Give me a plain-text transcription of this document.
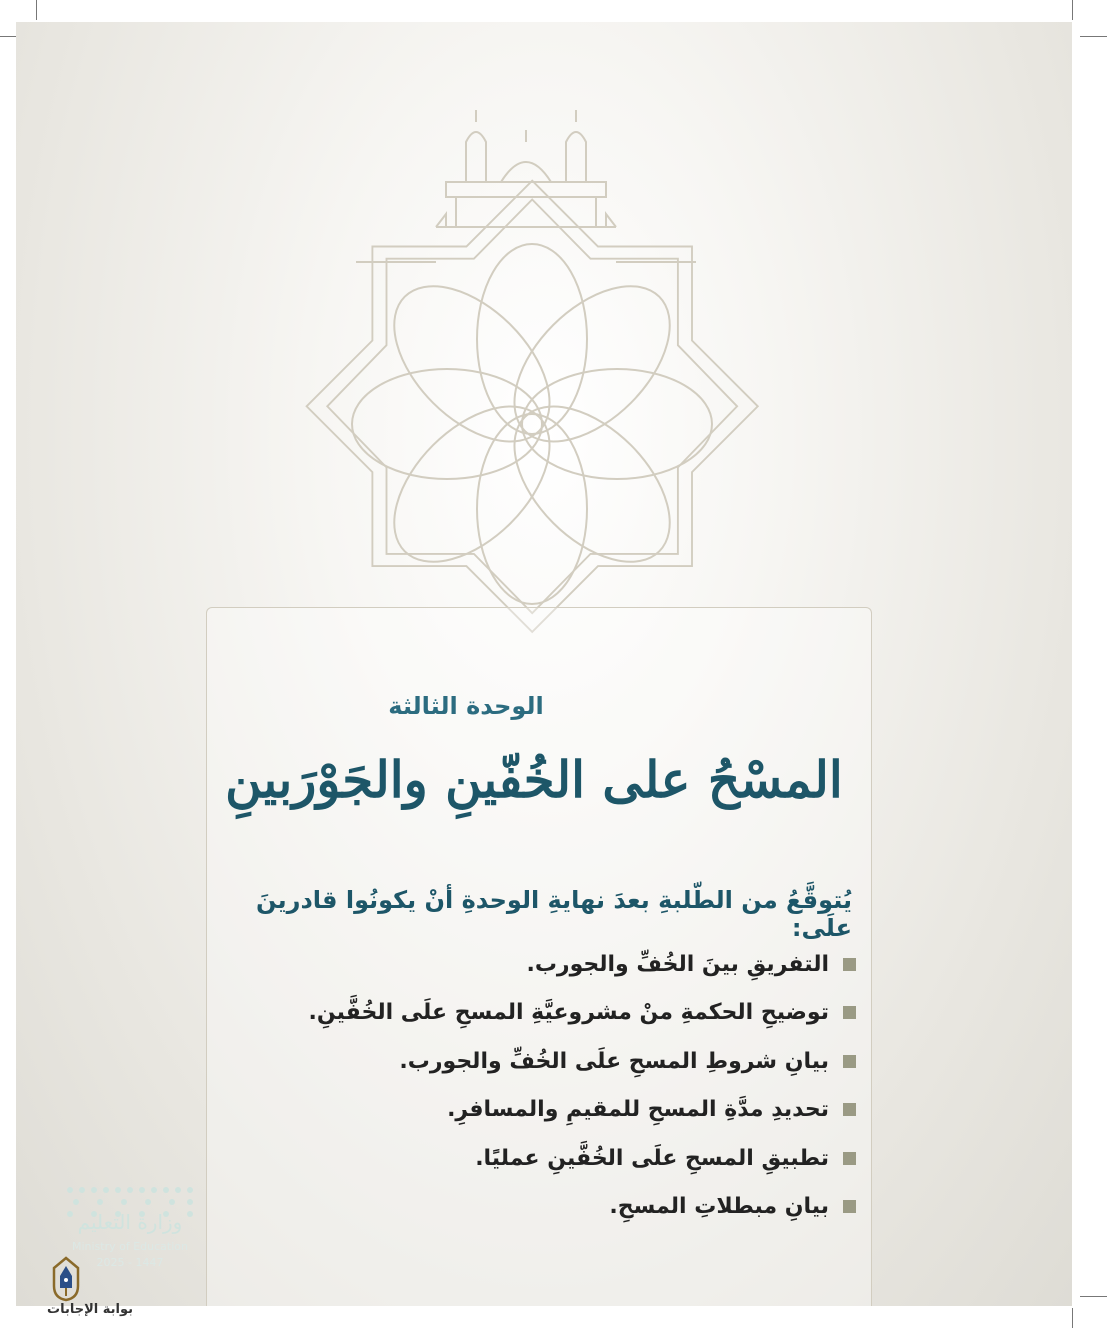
الوحدة الثالثة
المسْحُ على الخُفّينِ والجَوْرَبينِ
يُتوقَّعُ من الطّلبةِ بعدَ نهايةِ الوحدةِ أنْ يكونُوا قادرينَ علَى:
التفريقِ بينَ الخُفِّ والجورب.
توضيحِ الحكمةِ منْ مشروعيَّةِ المسحِ علَى الخُفَّينِ.
بيانِ شروطِ المسحِ علَى الخُفِّ والجورب.
تحديدِ مدَّةِ المسحِ للمقيمِ والمسافرِ.
تطبيقِ المسحِ علَى الخُفَّينِ عمليًا.
بيانِ مبطلاتِ المسحِ.
وزارة التعليم
Ministry of Education
2025 - 1447
بوابة الإجابات
